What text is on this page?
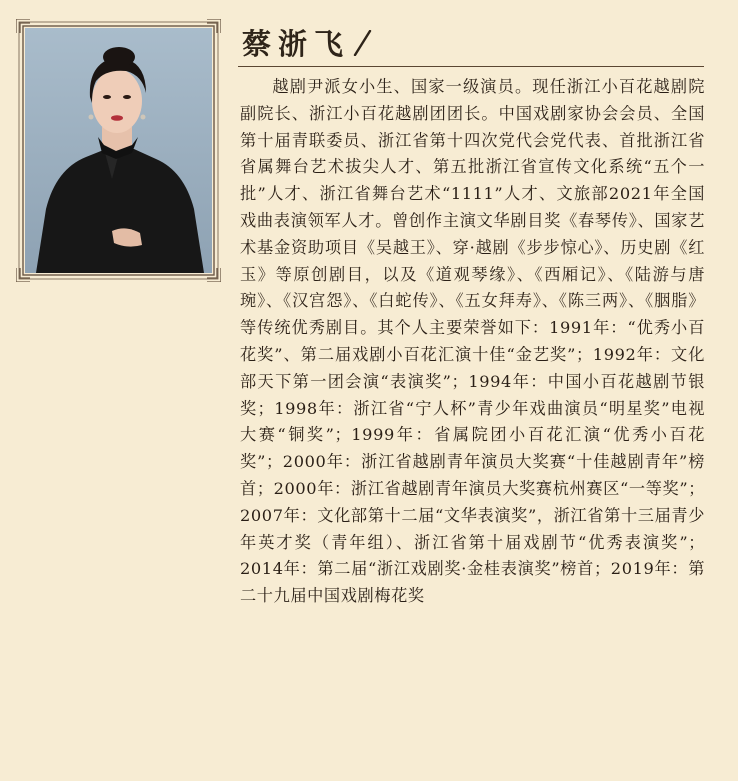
蔡浙飞

越剧尹派女小生、国家一级演员。现任浙江小百花越剧院副院长、浙江小百花越剧团团长。中国戏剧家协会会员、全国第十届青联委员、浙江省第十四次党代会党代表、首批浙江省省属舞台艺术拔尖人才、第五批浙江省宣传文化系统“五个一批”人才、浙江省舞台艺术“1111”人才、文旅部2021年全国戏曲表演领军人才。曾创作主演文华剧目奖《春琴传》、国家艺术基金资助项目《吴越王》、穿·越剧《步步惊心》、历史剧《红玉》等原创剧目，以及《道观琴缘》、《西厢记》、《陆游与唐琬》、《汉宫怨》、《白蛇传》、《五女拜寿》、《陈三两》、《胭脂》等传统优秀剧目。其个人主要荣誉如下：1991年：“优秀小百花奖”、第二届戏剧小百花汇演十佳“金艺奖”；1992年：文化部天下第一团会演“表演奖”；1994年：中国小百花越剧节银奖；1998年：浙江省“宁人杯”青少年戏曲演员“明星奖”电视大赛“铜奖”；1999年：省属院团小百花汇演“优秀小百花奖”；2000年：浙江省越剧青年演员大奖赛“十佳越剧青年”榜首；2000年：浙江省越剧青年演员大奖赛杭州赛区“一等奖”；2007年：文化部第十二届“文华表演奖”，浙江省第十三届青少年英才奖（青年组）、浙江省第十届戏剧节“优秀表演奖”；2014年：第二届“浙江戏剧奖·金桂表演奖”榜首；2019年：第二十九届中国戏剧梅花奖
